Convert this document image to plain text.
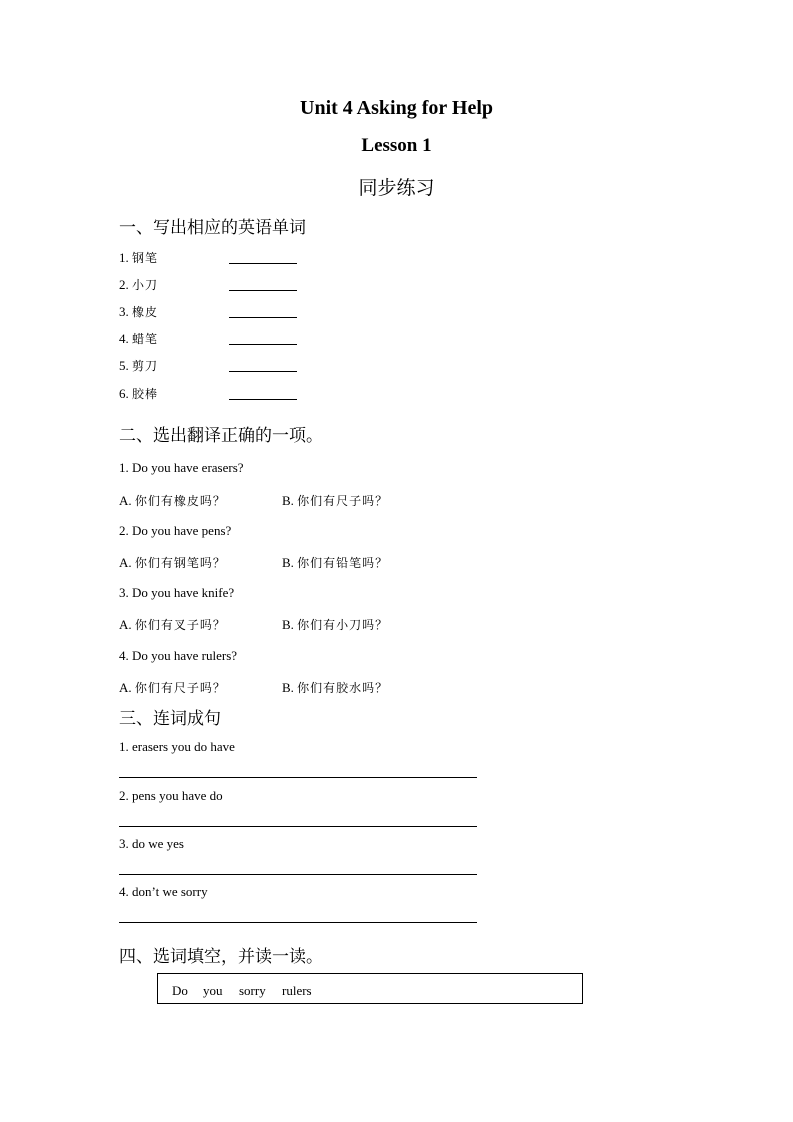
Unit 4 Asking for Help
Lesson 1
同步练习
一、写出相应的英语单词
1. 钢笔
2. 小刀
3. 橡皮
4. 蜡笔
5. 剪刀
6. 胶棒
二、选出翻译正确的一项。
1. Do you have erasers?
A. 你们有橡皮吗？	B. 你们有尺子吗？
2. Do you have pens?
A. 你们有钢笔吗？	B. 你们有铅笔吗？
3. Do you have knife?
A. 你们有叉子吗？	B. 你们有小刀吗？
4. Do you have rulers?
A. 你们有尺子吗？	B. 你们有胶水吗？
三、连词成句
1. erasers you do have
2. pens you have do
3. do we yes
4. don’t we sorry
四、选词填空，并读一读。
Do you sorry rulers
